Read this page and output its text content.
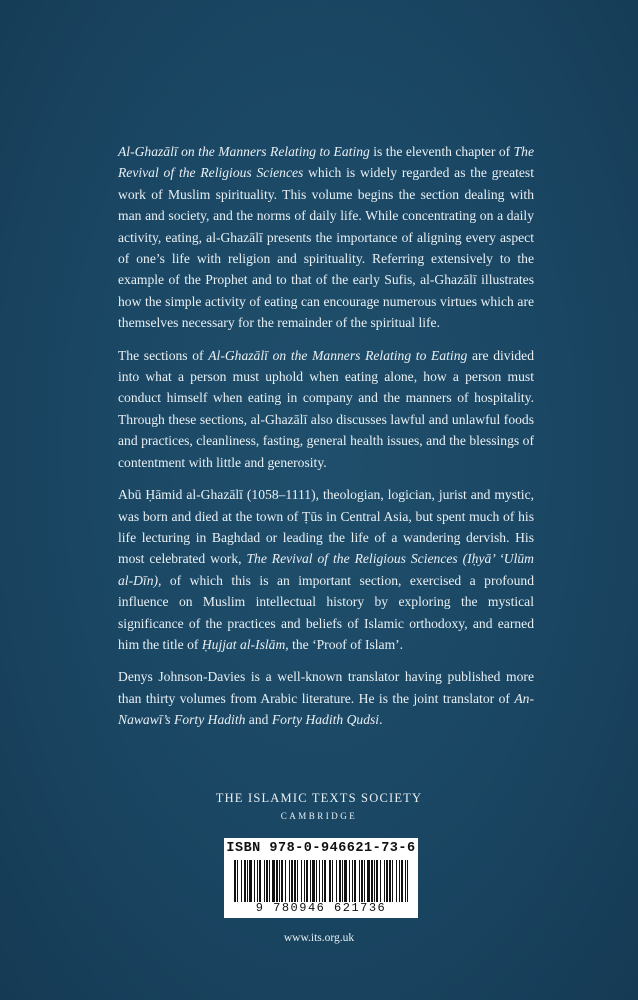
Al-Ghazālī on the Manners Relating to Eating is the eleventh chapter of The Revival of the Religious Sciences which is widely regarded as the greatest work of Muslim spirituality. This volume begins the section dealing with man and society, and the norms of daily life. While concentrating on a daily activity, eating, al-Ghazālī presents the importance of aligning every aspect of one’s life with religion and spirituality. Referring extensively to the example of the Prophet and to that of the early Sufis, al-Ghazālī illustrates how the simple activity of eating can encourage numerous virtues which are themselves necessary for the remainder of the spiritual life.

The sections of Al-Ghazālī on the Manners Relating to Eating are divided into what a person must uphold when eating alone, how a person must conduct himself when eating in company and the manners of hospitality. Through these sections, al-Ghazālī also discusses lawful and unlawful foods and practices, cleanliness, fasting, general health issues, and the blessings of contentment with little and generosity.

Abū Ḥāmid al-Ghazālī (1058–1111), theologian, logician, jurist and mystic, was born and died at the town of Ṭūs in Central Asia, but spent much of his life lecturing in Baghdad or leading the life of a wandering dervish. His most celebrated work, The Revival of the Religious Sciences (Iḥyā’ ‘Ulūm al-Dīn), of which this is an important section, exercised a profound influence on Muslim intellectual history by exploring the mystical significance of the practices and beliefs of Islamic orthodoxy, and earned him the title of Ḥujjat al-Islām, the ‘Proof of Islam’.

Denys Johnson-Davies is a well-known translator having published more than thirty volumes from Arabic literature. He is the joint translator of An-Nawawī’s Forty Hadith and Forty Hadith Qudsi.

THE ISLAMIC TEXTS SOCIETY
CAMBRIDGE
ISBN 978-0-946621-73-6
9 780946 621736
www.its.org.uk
